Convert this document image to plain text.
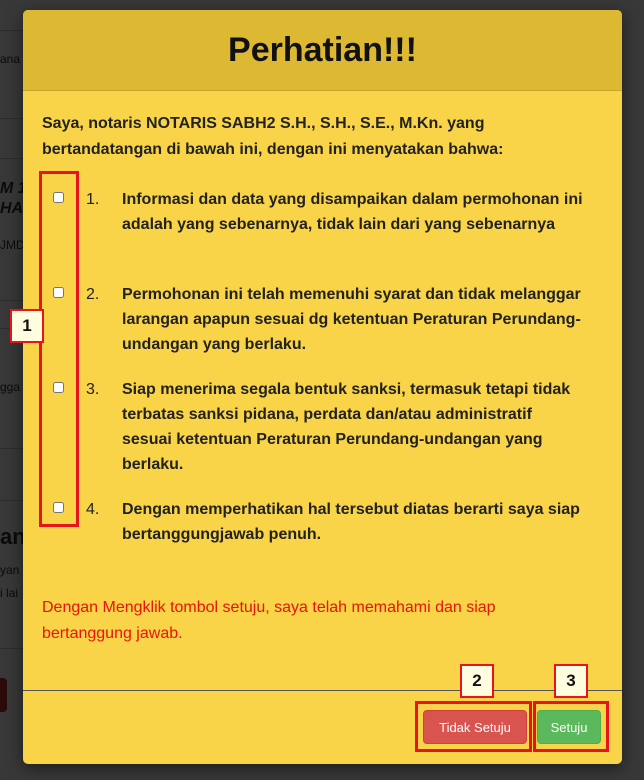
Perhatian!!!
Saya, notaris NOTARIS SABH2 S.H., S.H., S.E., M.Kn. yang bertandatangan di bawah ini, dengan ini menyatakan bahwa:
1. Informasi dan data yang disampaikan dalam permohonan ini adalah yang sebenarnya, tidak lain dari yang sebenarnya
2. Permohonan ini telah memenuhi syarat dan tidak melanggar larangan apapun sesuai dg ketentuan Peraturan Perundang-undangan yang berlaku.
3. Siap menerima segala bentuk sanksi, termasuk tetapi tidak terbatas sanksi pidana, perdata dan/atau administratif sesuai ketentuan Peraturan Perundang-undangan yang berlaku.
4. Dengan memperhatikan hal tersebut diatas berarti saya siap bertanggungjawab penuh.
Dengan Mengklik tombol setuju, saya telah memahami dan siap bertanggung jawab.
Tidak Setuju	Setuju
1
2	3
